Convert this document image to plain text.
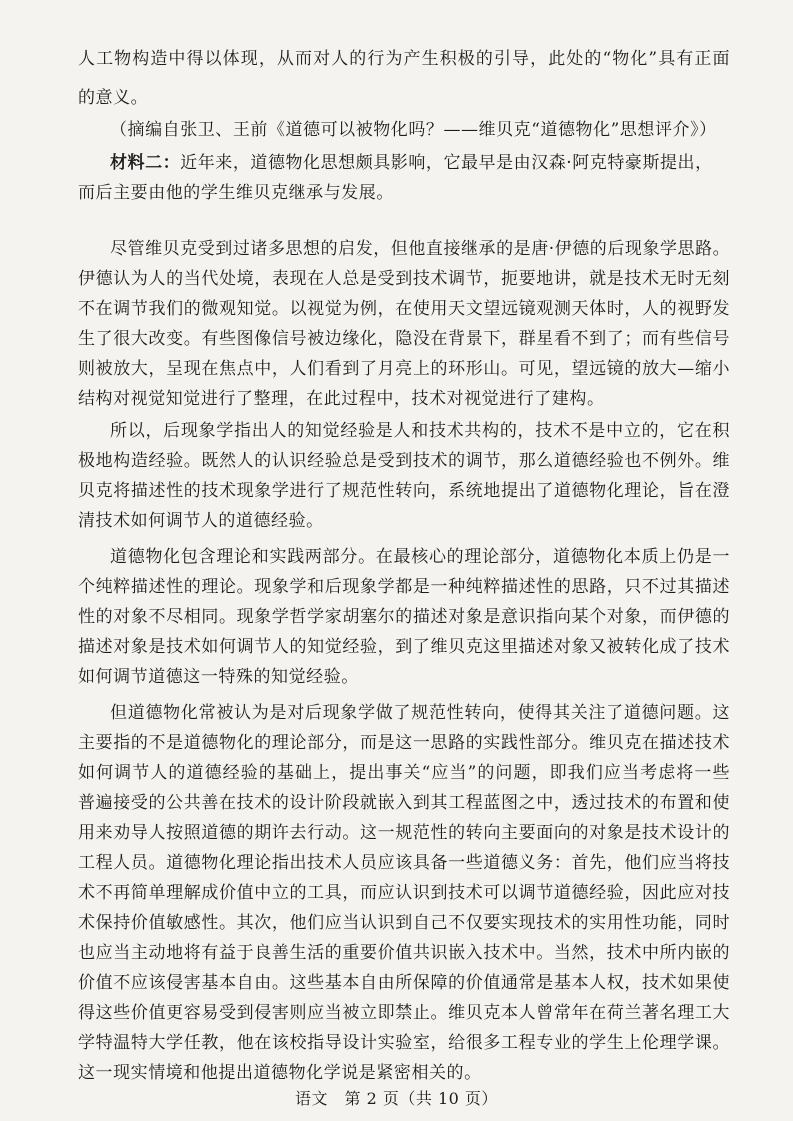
人工物构造中得以体现，从而对人的行为产生积极的引导，此处的“物化”具有正面
的意义。
（摘编自张卫、王前《道德可以被物化吗？——维贝克“道德物化”思想评介》）
材料二：近年来，道德物化思想颇具影响，它最早是由汉森·阿克特豪斯提出，
而后主要由他的学生维贝克继承与发展。
尽管维贝克受到过诸多思想的启发，但他直接继承的是唐·伊德的后现象学思路。
伊德认为人的当代处境，表现在人总是受到技术调节，扼要地讲，就是技术无时无刻
不在调节我们的微观知觉。以视觉为例，在使用天文望远镜观测天体时，人的视野发
生了很大改变。有些图像信号被边缘化，隐没在背景下，群星看不到了；而有些信号
则被放大，呈现在焦点中，人们看到了月亮上的环形山。可见，望远镜的放大—缩小
结构对视觉知觉进行了整理，在此过程中，技术对视觉进行了建构。
所以，后现象学指出人的知觉经验是人和技术共构的，技术不是中立的，它在积
极地构造经验。既然人的认识经验总是受到技术的调节，那么道德经验也不例外。维
贝克将描述性的技术现象学进行了规范性转向，系统地提出了道德物化理论，旨在澄
清技术如何调节人的道德经验。
道德物化包含理论和实践两部分。在最核心的理论部分，道德物化本质上仍是一
个纯粹描述性的理论。现象学和后现象学都是一种纯粹描述性的思路，只不过其描述
性的对象不尽相同。现象学哲学家胡塞尔的描述对象是意识指向某个对象，而伊德的
描述对象是技术如何调节人的知觉经验，到了维贝克这里描述对象又被转化成了技术
如何调节道德这一特殊的知觉经验。
但道德物化常被认为是对后现象学做了规范性转向，使得其关注了道德问题。这
主要指的不是道德物化的理论部分，而是这一思路的实践性部分。维贝克在描述技术
如何调节人的道德经验的基础上，提出事关“应当”的问题，即我们应当考虑将一些
普遍接受的公共善在技术的设计阶段就嵌入到其工程蓝图之中，透过技术的布置和使
用来劝导人按照道德的期许去行动。这一规范性的转向主要面向的对象是技术设计的
工程人员。道德物化理论指出技术人员应该具备一些道德义务：首先，他们应当将技
术不再简单理解成价值中立的工具，而应认识到技术可以调节道德经验，因此应对技
术保持价值敏感性。其次，他们应当认识到自己不仅要实现技术的实用性功能，同时
也应当主动地将有益于良善生活的重要价值共识嵌入技术中。当然，技术中所内嵌的
价值不应该侵害基本自由。这些基本自由所保障的价值通常是基本人权，技术如果使
得这些价值更容易受到侵害则应当被立即禁止。维贝克本人曾常年在荷兰著名理工大
学特温特大学任教，他在该校指导设计实验室，给很多工程专业的学生上伦理学课。
这一现实情境和他提出道德物化学说是紧密相关的。
语文　第 2 页（共 10 页）
